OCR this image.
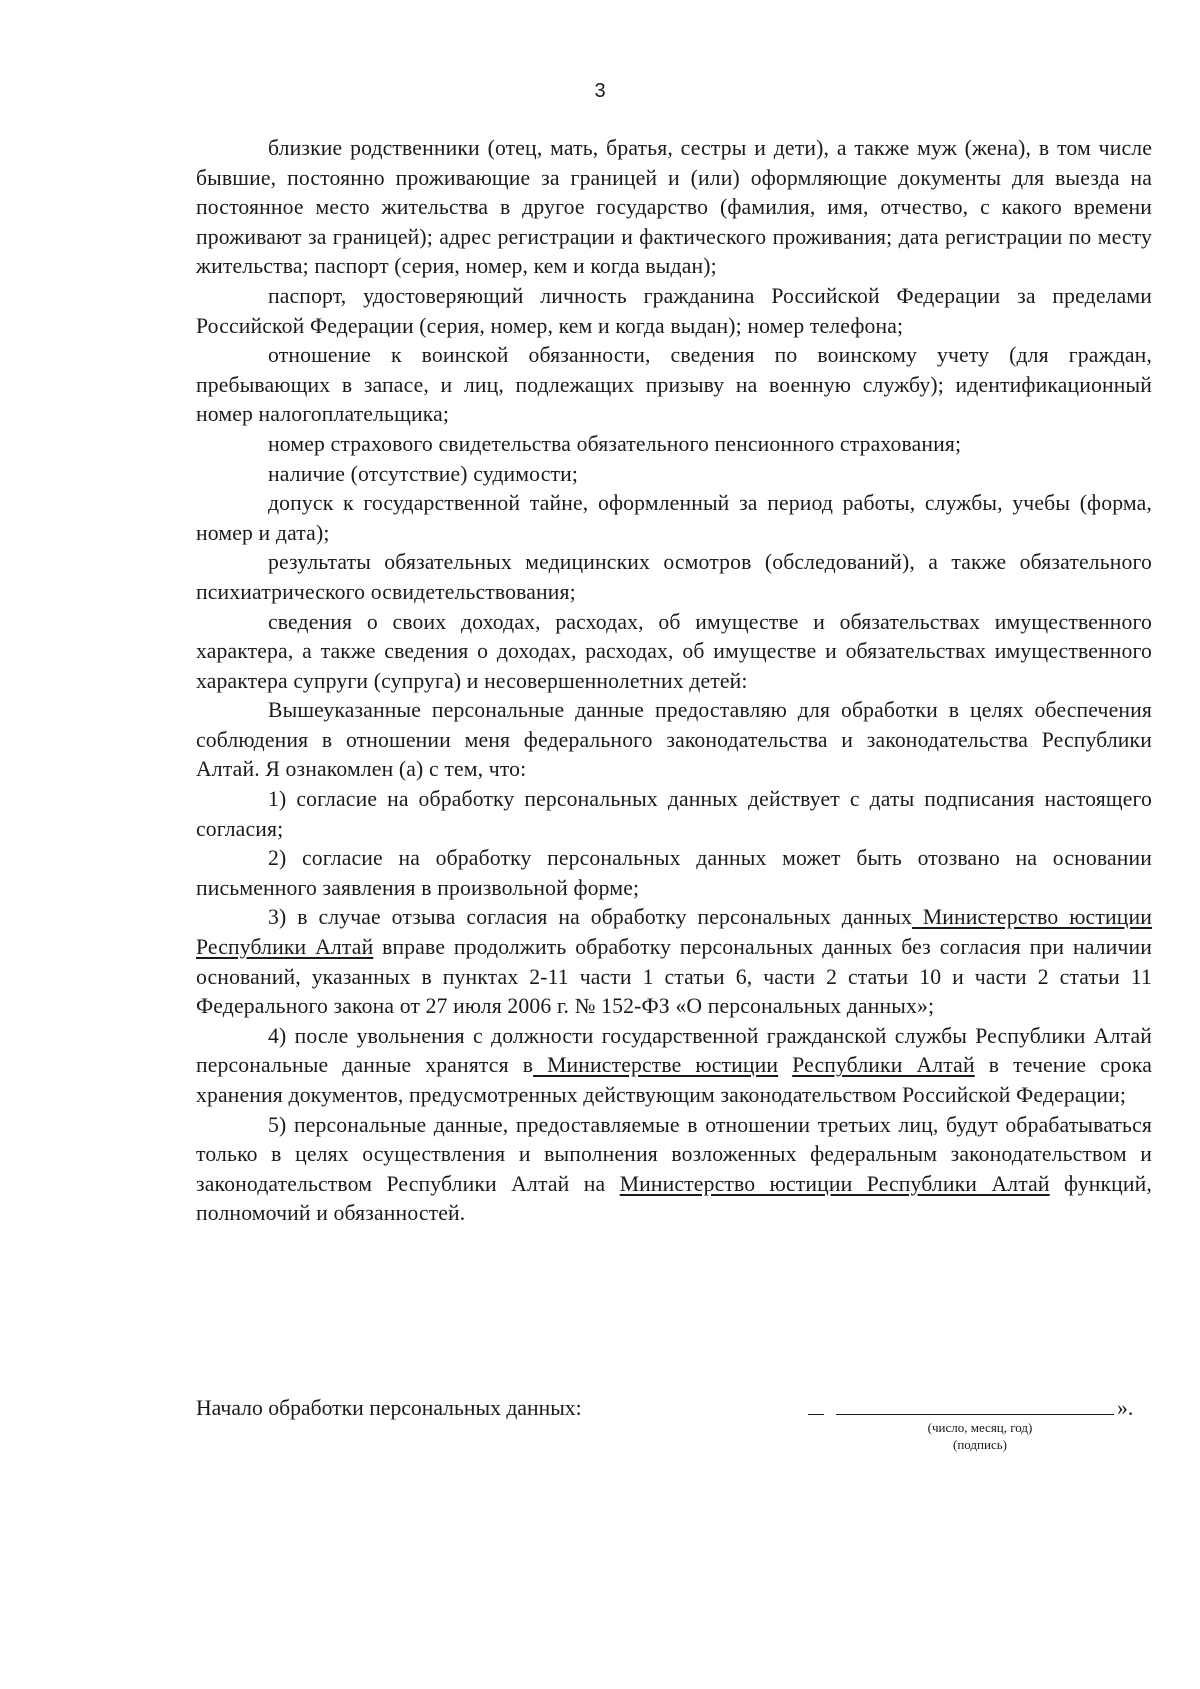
3

близкие родственники (отец, мать, братья, сестры и дети), а также муж (жена), в том числе бывшие, постоянно проживающие за границей и (или) оформляющие документы для выезда на постоянное место жительства в другое государство (фамилия, имя, отчество, с какого времени проживают за границей); адрес регистрации и фактического проживания; дата регистрации по месту жительства; паспорт (серия, номер, кем и когда выдан);

паспорт, удостоверяющий личность гражданина Российской Федерации за пределами Российской Федерации (серия, номер, кем и когда выдан); номер телефона;

отношение к воинской обязанности, сведения по воинскому учету (для граждан, пребывающих в запасе, и лиц, подлежащих призыву на военную службу); идентификационный номер налогоплательщика;

номер страхового свидетельства обязательного пенсионного страхования;

наличие (отсутствие) судимости;

допуск к государственной тайне, оформленный за период работы, службы, учебы (форма, номер и дата);

результаты обязательных медицинских осмотров (обследований), а также обязательного психиатрического освидетельствования;

сведения о своих доходах, расходах, об имуществе и обязательствах имущественного характера, а также сведения о доходах, расходах, об имуществе и обязательствах имущественного характера супруги (супруга) и несовершеннолетних детей:

Вышеуказанные персональные данные предоставляю для обработки в целях обеспечения соблюдения в отношении меня федерального законодательства и законодательства Республики Алтай. Я ознакомлен (а) с тем, что:

1) согласие на обработку персональных данных действует с даты подписания настоящего согласия;

2) согласие на обработку персональных данных может быть отозвано на основании письменного заявления в произвольной форме;

3) в случае отзыва согласия на обработку персональных данных Министерство юстиции Республики Алтай вправе продолжить обработку персональных данных без согласия при наличии оснований, указанных в пунктах 2-11 части 1 статьи 6, части 2 статьи 10 и части 2 статьи 11 Федерального закона от 27 июля 2006 г. № 152-ФЗ «О персональных данных»;

4) после увольнения с должности государственной гражданской службы Республики Алтай персональные данные хранятся в Министерстве юстиции Республики Алтай в течение срока хранения документов, предусмотренных действующим законодательством Российской Федерации;

5) персональные данные, предоставляемые в отношении третьих лиц, будут обрабатываться только в целях осуществления и выполнения возложенных федеральным законодательством и законодательством Республики Алтай на Министерство юстиции Республики Алтай функций, полномочий и обязанностей.

Начало обработки персональных данных:	».
(число, месяц, год)
(подпись)
